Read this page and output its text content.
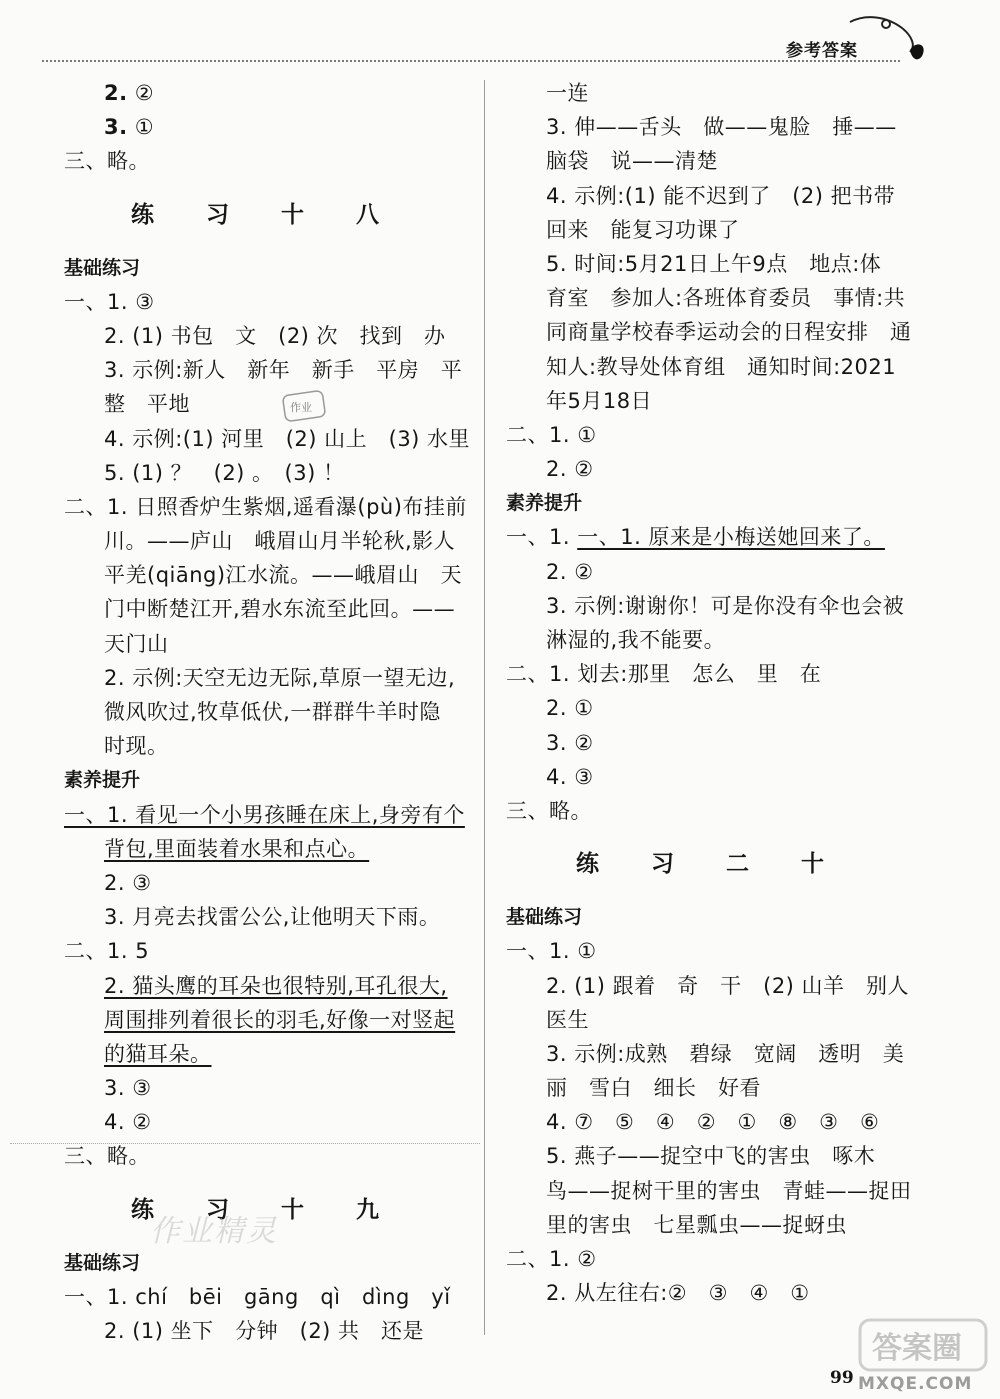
参考答案
2. ②
3. ①
三、略。
练 习 十 八
基础练习
一、1. ③
2. (1) 书包　文　(2) 次　找到　办
3. 示例:新人　新年　新手　平房　平
整　平地
4. 示例:(1) 河里　(2) 山上　(3) 水里
5. (1) ？　(2) 。　(3) ！
二、1. 日照香炉生紫烟,遥看瀑(pù)布挂前
川。——庐山　峨眉山月半轮秋,影人
平羌(qiāng)江水流。——峨眉山　天
门中断楚江开,碧水东流至此回。——
天门山
2. 示例:天空无边无际,草原一望无边,
微风吹过,牧草低伏,一群群牛羊时隐
时现。
素养提升
一、1. 看见一个小男孩睡在床上,身旁有个
背包,里面装着水果和点心。
2. ③
3. 月亮去找雷公公,让他明天下雨。
二、1. 5
2. 猫头鹰的耳朵也很特别,耳孔很大,
周围排列着很长的羽毛,好像一对竖起
的猫耳朵。
3. ③
4. ②
三、略。
练 习 十 九
基础练习
一、1. chí　bēi　gāng　qì　dìng　yǐ
2. (1) 坐下　分钟　(2) 共　还是
一连
3. 伸——舌头　做——鬼脸　捶——
脑袋　说——清楚
4. 示例:(1) 能不迟到了　(2) 把书带
回来　能复习功课了
5. 时间:5月21日上午9点　地点:体
育室　参加人:各班体育委员　事情:共
同商量学校春季运动会的日程安排　通
知人:教导处体育组　通知时间:2021
年5月18日
二、1. ①
2. ②
素养提升
一、1. 一、1. 原来是小梅送她回来了。
2. ②
3. 示例:谢谢你！可是你没有伞也会被
淋湿的,我不能要。
二、1. 划去:那里　怎么　里　在
2. ①
3. ②
4. ③
三、略。
练 习 二 十
基础练习
一、1. ①
2. (1) 跟着　奇　干　(2) 山羊　别人
医生
3. 示例:成熟　碧绿　宽阔　透明　美
丽　雪白　细长　好看
4. ⑦　⑤　④　②　①　⑧　③　⑥
5. 燕子——捉空中飞的害虫　啄木
鸟——捉树干里的害虫　青蛙——捉田
里的害虫　七星瓢虫——捉蚜虫
二、1. ②
2. 从左往右:②　③　④　①
作业
作业精灵
99
答案圈
MXQE.COM
